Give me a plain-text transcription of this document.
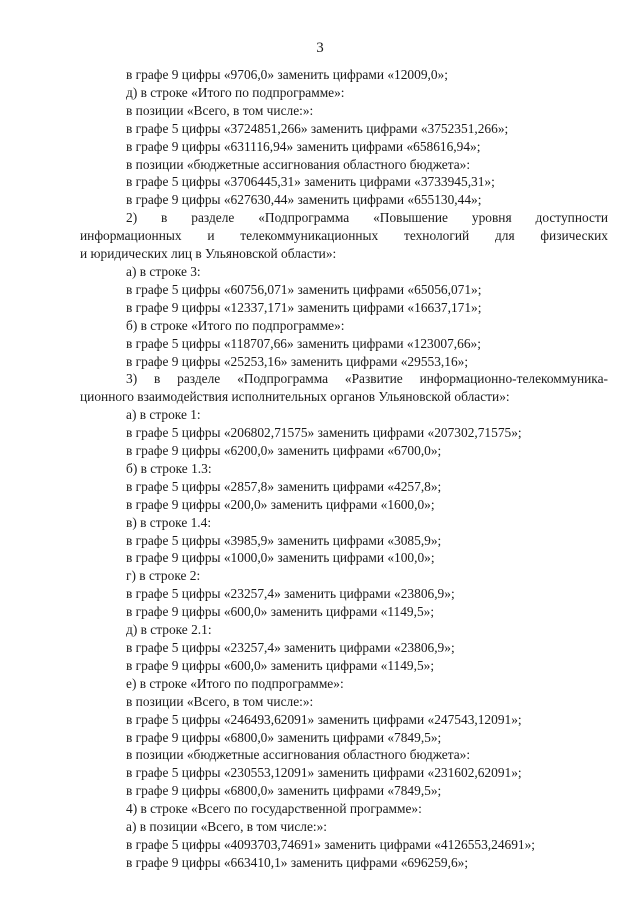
3
в графе 9 цифры «9706,0» заменить цифрами «12009,0»;
д) в строке «Итого по подпрограмме»:
в позиции «Всего, в том числе:»:
в графе 5 цифры «3724851,266» заменить цифрами «3752351,266»;
в графе 9 цифры «631116,94» заменить цифрами «658616,94»;
в позиции «бюджетные ассигнования областного бюджета»:
в графе 5 цифры «3706445,31» заменить цифрами «3733945,31»;
в графе 9 цифры «627630,44» заменить цифрами «655130,44»;
2) в разделе «Подпрограмма «Повышение уровня доступности
информационных и телекоммуникационных технологий для физических
и юридических лиц в Ульяновской области»:
а) в строке 3:
в графе 5 цифры «60756,071» заменить цифрами «65056,071»;
в графе 9 цифры «12337,171» заменить цифрами «16637,171»;
б) в строке «Итого по подпрограмме»:
в графе 5 цифры «118707,66» заменить цифрами «123007,66»;
в графе 9 цифры «25253,16» заменить цифрами «29553,16»;
3) в разделе «Подпрограмма «Развитие информационно-телекоммуника-
ционного взаимодействия исполнительных органов Ульяновской области»:
а) в строке 1:
в графе 5 цифры «206802,71575» заменить цифрами «207302,71575»;
в графе 9 цифры «6200,0» заменить цифрами «6700,0»;
б) в строке 1.3:
в графе 5 цифры «2857,8» заменить цифрами «4257,8»;
в графе 9 цифры «200,0» заменить цифрами «1600,0»;
в) в строке 1.4:
в графе 5 цифры «3985,9» заменить цифрами «3085,9»;
в графе 9 цифры «1000,0» заменить цифрами «100,0»;
г) в строке 2:
в графе 5 цифры «23257,4» заменить цифрами «23806,9»;
в графе 9 цифры «600,0» заменить цифрами «1149,5»;
д) в строке 2.1:
в графе 5 цифры «23257,4» заменить цифрами «23806,9»;
в графе 9 цифры «600,0» заменить цифрами «1149,5»;
е) в строке «Итого по подпрограмме»:
в позиции «Всего, в том числе:»:
в графе 5 цифры «246493,62091» заменить цифрами «247543,12091»;
в графе 9 цифры «6800,0» заменить цифрами «7849,5»;
в позиции «бюджетные ассигнования областного бюджета»:
в графе 5 цифры «230553,12091» заменить цифрами «231602,62091»;
в графе 9 цифры «6800,0» заменить цифрами «7849,5»;
4) в строке «Всего по государственной программе»:
а) в позиции «Всего, в том числе:»:
в графе 5 цифры «4093703,74691» заменить цифрами «4126553,24691»;
в графе 9 цифры «663410,1» заменить цифрами «696259,6»;
